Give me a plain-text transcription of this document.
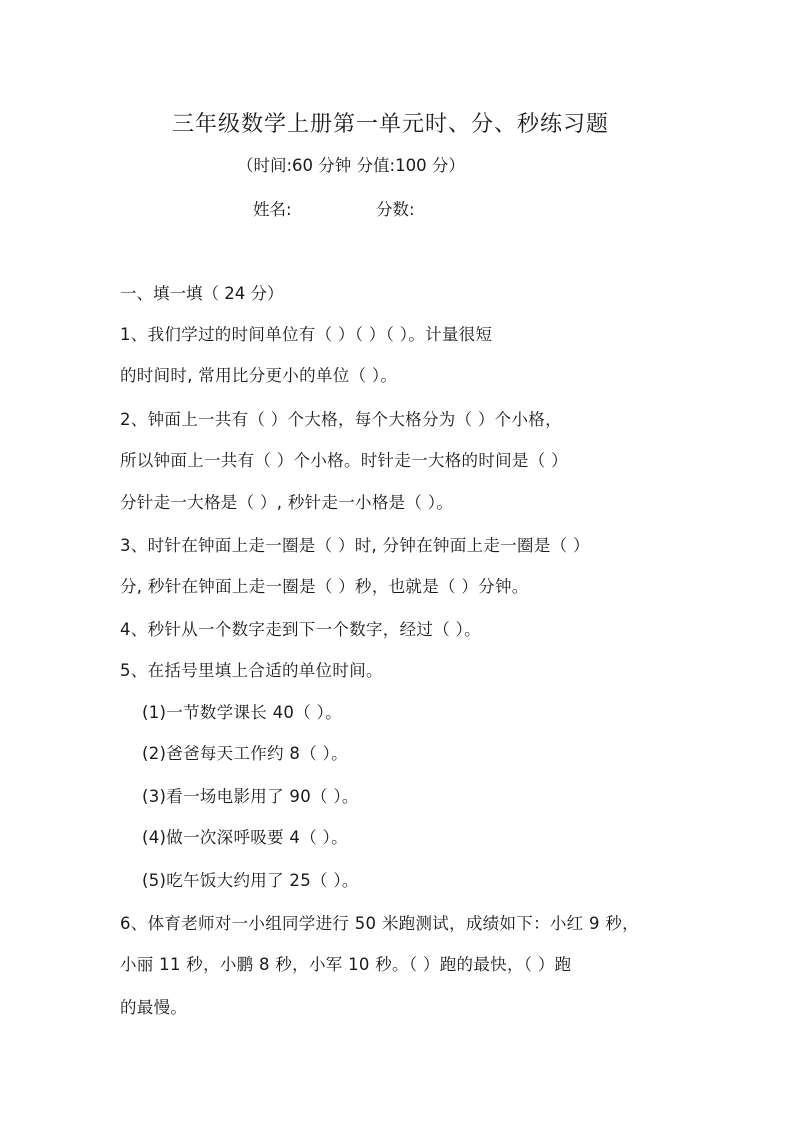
三年级数学上册第一单元时、分、秒练习题
（时间:60 分钟 分值:100 分）
姓名:	分数:
一、填一填（ 24 分）
1、我们学过的时间单位有（ ）（ ）（ ）。计量很短
的时间时, 常用比分更小的单位（ ）。
2、钟面上一共有（ ）个大格，每个大格分为（ ）个小格，
所以钟面上一共有（ ）个小格。时针走一大格的时间是（ ）
分针走一大格是（ ）, 秒针走一小格是（ ）。
3、时针在钟面上走一圈是（ ）时, 分钟在钟面上走一圈是（ ）
分, 秒针在钟面上走一圈是（ ）秒，也就是（ ）分钟。
4、秒针从一个数字走到下一个数字，经过（ ）。
5、在括号里填上合适的单位时间。
(1)一节数学课长 40（ ）。
(2)爸爸每天工作约 8（ ）。
(3)看一场电影用了 90（ ）。
(4)做一次深呼吸要 4（ ）。
(5)吃午饭大约用了 25（ ）。
6、体育老师对一小组同学进行 50 米跑测试，成绩如下：小红 9 秒，
小丽 11 秒，小鹏 8 秒，小军 10 秒。（ ）跑的最快，（ ）跑
的最慢。
